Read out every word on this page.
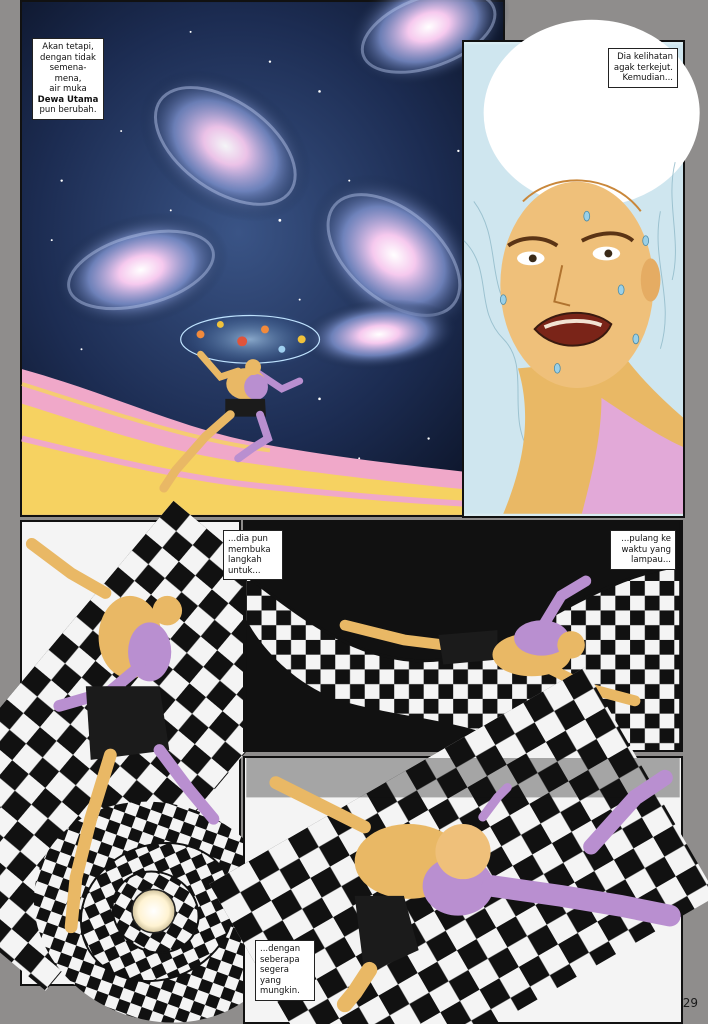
Akan tetapi,
dengan tidak
semena-mena,
air muka
Dewa Utama
pun berubah.
Dia kelihatan
agak terkejut.
Kemudian...
...dia pun
membuka
langkah
untuk...
...pulang ke
waktu yang
lampau...
...dengan
seberapa
segera yang
mungkin.
29
